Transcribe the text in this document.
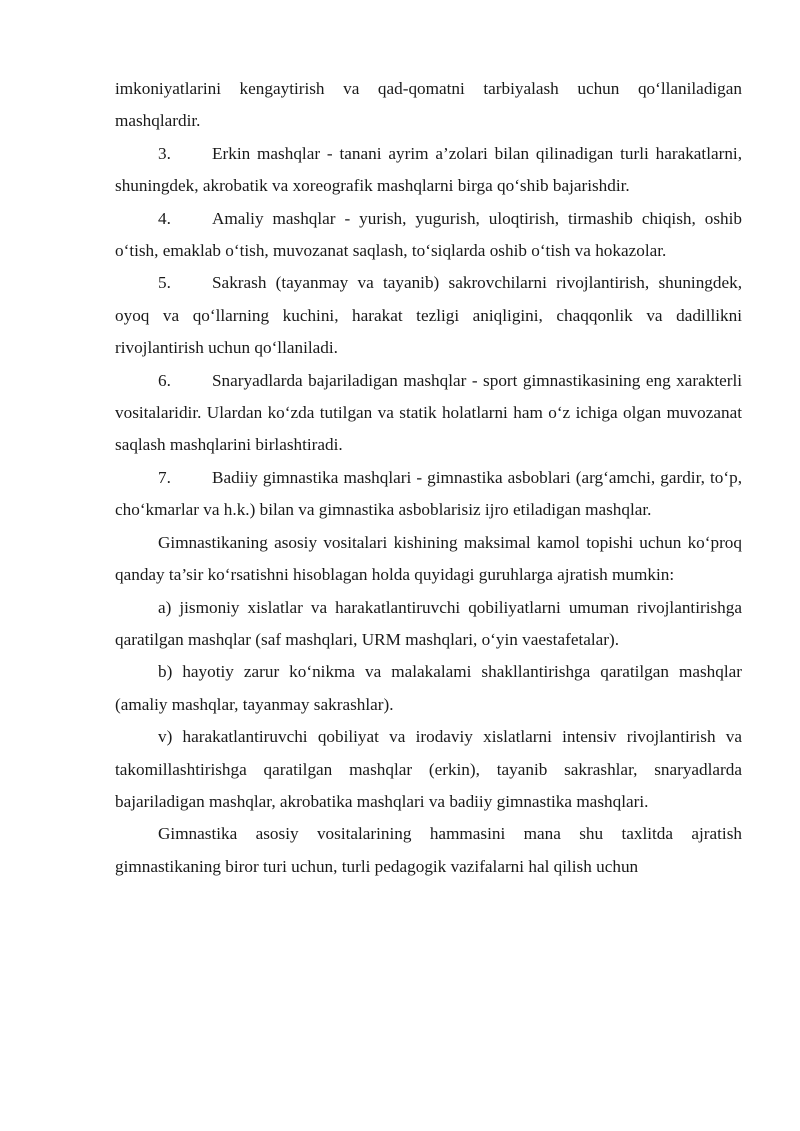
imkoniyatlarini kengaytirish va qad-qomatni tarbiyalash uchun qo‘llaniladigan mashqlardir.

3. Erkin mashqlar - tanani ayrim a’zolari bilan qilinadigan turli harakatlarni, shuningdek, akrobatik va xoreografik mashqlarni birga qo‘shib bajarishdir.

4. Amaliy mashqlar - yurish, yugurish, uloqtirish, tirmashib chiqish, oshib o‘tish, emaklab o‘tish, muvozanat saqlash, to‘siqlarda oshib o‘tish va hokazolar.

5. Sakrash (tayanmay va tayanib) sakrovchilarni rivojlantirish, shuningdek, oyoq va qo‘llarning kuchini, harakat tezligi aniqligini, chaqqonlik va dadillikni rivojlantirish uchun qo‘llaniladi.

6. Snaryadlarda bajariladigan mashqlar - sport gimnastikasining eng xarakterli vositalaridir. Ulardan ko‘zda tutilgan va statik holatlarni ham o‘z ichiga olgan muvozanat saqlash mashqlarini birlashtiradi.

7. Badiiy gimnastika mashqlari - gimnastika asboblari (arg‘amchi, gardir, to‘p, cho‘kmarlar va h.k.) bilan va gimnastika asboblarisiz ijro etiladigan mashqlar.

Gimnastikaning asosiy vositalari kishining maksimal kamol topishi uchun ko‘proq qanday ta’sir ko‘rsatishni hisoblagan holda quyidagi guruhlarga ajratish mumkin:

a) jismoniy xislatlar va harakatlantiruvchi qobiliyatlarni umuman rivojlantirishga qaratilgan mashqlar (saf mashqlari, URM mashqlari, o‘yin vaestafetalar).

b) hayotiy zarur ko‘nikma va malakalami shakllantirishga qaratilgan mashqlar (amaliy mashqlar, tayanmay sakrashlar).

v) harakatlantiruvchi qobiliyat va irodaviy xislatlarni intensiv rivojlantirish va takomillashtirishga qaratilgan mashqlar (erkin), tayanib sakrashlar, snaryadlarda bajariladigan mashqlar, akrobatika mashqlari va badiiy gimnastika mashqlari.

Gimnastika asosiy vositalarining hammasini mana shu taxlitda ajratish gimnastikaning biror turi uchun, turli pedagogik vazifalarni hal qilish uchun
